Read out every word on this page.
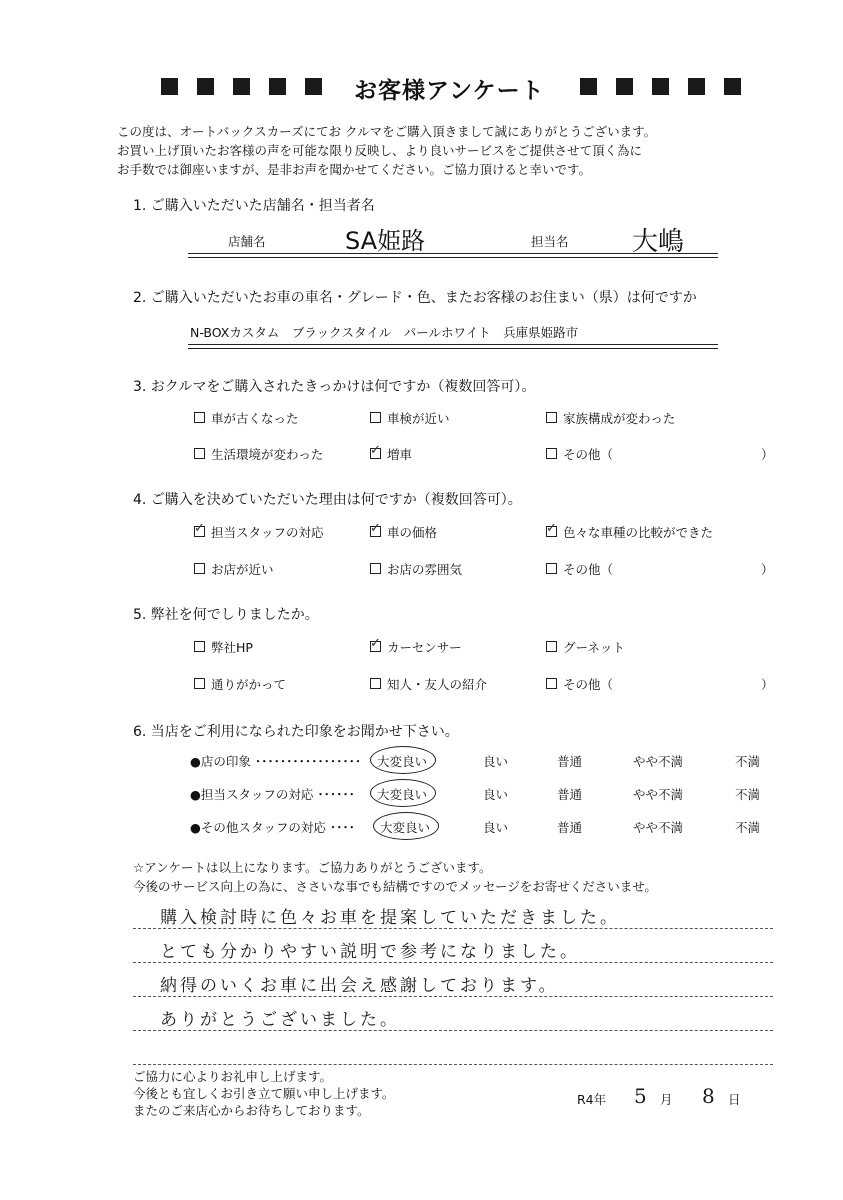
お客様アンケート
この度は、オートバックスカーズにてお クルマをご購入頂きまして誠にありがとうございます。
お買い上げ頂いたお客様の声を可能な限り反映し、より良いサービスをご提供させて頂く為に
お手数では御座いますが、是非お声を聞かせてください。ご協力頂けると幸いです。
1. ご購入いただいた店舗名・担当者名
店舗名	SA姫路	担当名 大嶋
2. ご購入いただいたお車の車名・グレード・色、またお客様のお住まい（県）は何ですか
N-BOXカスタム　ブラックスタイル　パールホワイト　兵庫県姫路市
3. おクルマをご購入されたきっかけは何ですか（複数回答可）。
車が古くなった	車検が近い	家族構成が変わった
生活環境が変わった	✓ 増車	その他（	）
4. ご購入を決めていただいた理由は何ですか（複数回答可）。
✓ 担当スタッフの対応	✓ 車の価格	✓ 色々な車種の比較ができた
お店が近い	お店の雰囲気	その他（	）
5. 弊社を何でしりましたか。
弊社HP	✓ カーセンサー	グーネット
通りがかって	知人・友人の紹介	その他（	）
6. 当店をご利用になられた印象をお聞かせ下さい。
●店の印象 ･････････････････ 大変良い	良い	普通	やや不満	不満
●担当スタッフの対応 ･･････ 大変良い	良い	普通	やや不満	不満
●その他スタッフの対応 ････ 大変良い	良い	普通	やや不満	不満
☆アンケートは以上になります。ご協力ありがとうございます。
今後のサービス向上の為に、ささいな事でも結構ですのでメッセージをお寄せくださいませ。
購入検討時に色々お車を提案していただきました。
とても分かりやすい説明で参考になりました。
納得のいくお車に出会え感謝しております。
ありがとうございました。
ご協力に心よりお礼申し上げます。
今後とも宜しくお引き立て願い申し上げます。
またのご来店心からお待ちしております。
R4年 5 月 8 日
